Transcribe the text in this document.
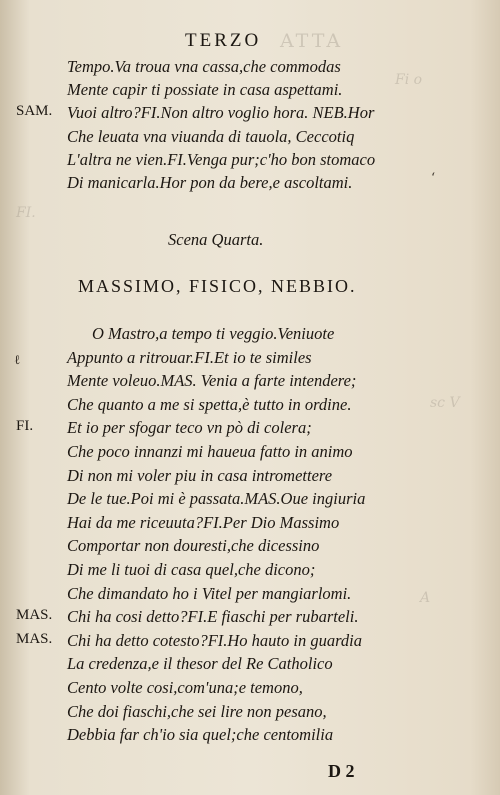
ATTA
Fi o
FI.
sc V
A
TERZO
Tempo.Va troua vna cassa,che commodas
Mente capir ti possiate in casa aspettami.
SAM. Vuoi altro?FI.Non altro voglio hora. NEB.Hor
Che leuata vna viuanda di tauola, Ceccotiq
L'altra ne vien.FI.Venga pur;c'ho bon stomaco
Di manicarla.Hor pon da bere,e ascoltami.
Scena Quarta.
MASSIMO, FISICO, NEBBIO.
O Mastro,a tempo ti veggio.Veniuote
Appunto a ritrouar.FI.Et io te similes
Mente voleuo.MAS. Venia a farte intendere;
Che quanto a me si spetta,è tutto in ordine.
FI. Et io per sfogar teco vn pò di colera;
Che poco innanzi mi haueua fatto in animo
Di non mi voler piu in casa intromettere
De le tue.Poi mi è passata.MAS.Oue ingiuria
Hai da me riceuuta?FI.Per Dio Massimo
Comportar non douresti,che dicessino
Di me li tuoi di casa quel,che dicono;
Che dimandato ho i Vitel per mangiarlomi.
MAS. Chi ha cosi detto?FI.E fiaschi per rubarteli.
MAS. Chi ha detto cotesto?FI.Ho hauto in guardia
La credenza,e il thesor del Re Catholico
Cento volte cosi,com'una;e temono,
Che doi fiaschi,che sei lire non pesano,
Debbia far ch'io sia quel;che centomilia
‘
ℓ
D 2
